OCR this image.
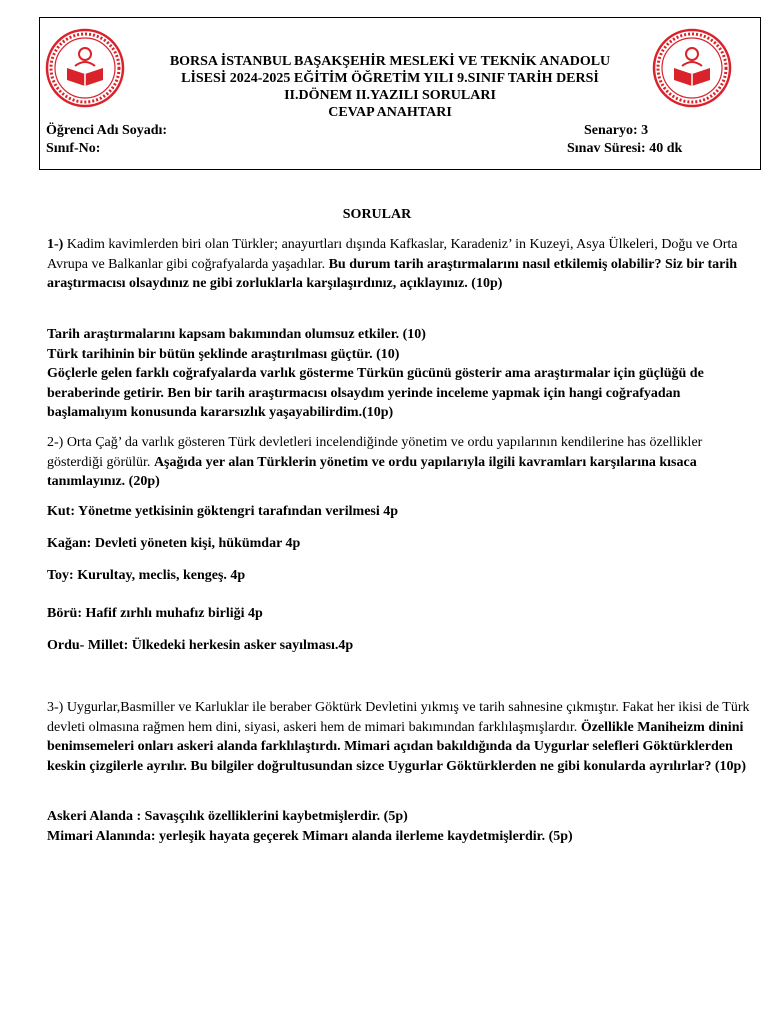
BORSA İSTANBUL BAŞAKŞEHİR MESLEKİ VE TEKNİK ANADOLU
LİSESİ 2024-2025 EĞİTİM ÖĞRETİM YILI 9.SINIF TARİH DERSİ
II.DÖNEM II.YAZILI SORULARI
CEVAP ANAHTARI
Öğrenci Adı Soyadı:	Senaryo: 3
Sınıf-No:	Sınav Süresi: 40 dk
SORULAR
1-) Kadim kavimlerden biri olan Türkler; anayurtları dışında Kafkaslar, Karadeniz’ in Kuzeyi, Asya Ülkeleri, Doğu ve Orta Avrupa ve Balkanlar gibi coğrafyalarda yaşadılar. Bu durum tarih araştırmalarını nasıl etkilemiş olabilir? Siz bir tarih araştırmacısı olsaydınız ne gibi zorluklarla karşılaşırdınız, açıklayınız. (10p)
Tarih araştırmalarını kapsam bakımından olumsuz etkiler. (10)
Türk tarihinin bir bütün şeklinde araştırılması güçtür. (10)
Göçlerle gelen farklı coğrafyalarda varlık gösterme Türkün gücünü gösterir ama araştırmalar için güçlüğü de beraberinde getirir. Ben bir tarih araştırmacısı olsaydım yerinde inceleme yapmak için hangi coğrafyadan başlamalıyım konusunda kararsızlık yaşayabilirdim.(10p)
2-) Orta Çağ’ da varlık gösteren Türk devletleri incelendiğinde yönetim ve ordu yapılarının kendilerine has özellikler gösterdiği görülür. Aşağıda yer alan Türklerin yönetim ve ordu yapılarıyla ilgili kavramları karşılarına kısaca tanımlayınız. (20p)
Kut: Yönetme yetkisinin göktengri tarafından verilmesi 4p
Kağan: Devleti yöneten kişi, hükümdar 4p
Toy: Kurultay, meclis, kengeş. 4p
Börü: Hafif zırhlı muhafız birliği 4p
Ordu- Millet: Ülkedeki herkesin asker sayılması.4p
3-) Uygurlar,Basmiller ve Karluklar ile beraber Göktürk Devletini yıkmış ve tarih sahnesine çıkmıştır. Fakat her ikisi de Türk devleti olmasına rağmen hem dini, siyasi, askeri hem de mimari bakımından farklılaşmışlardır. Özellikle Maniheizm dinini benimsemeleri onları askeri alanda farklılaştırdı. Mimari açıdan bakıldığında da Uygurlar selefleri Göktürklerden keskin çizgilerle ayrılır. Bu bilgiler doğrultusundan sizce Uygurlar Göktürklerden ne gibi konularda ayrılırlar? (10p)
Askeri Alanda : Savaşçılık özelliklerini kaybetmişlerdir. (5p)
Mimari Alanında: yerleşik hayata geçerek Mimarı alanda ilerleme kaydetmişlerdir. (5p)
